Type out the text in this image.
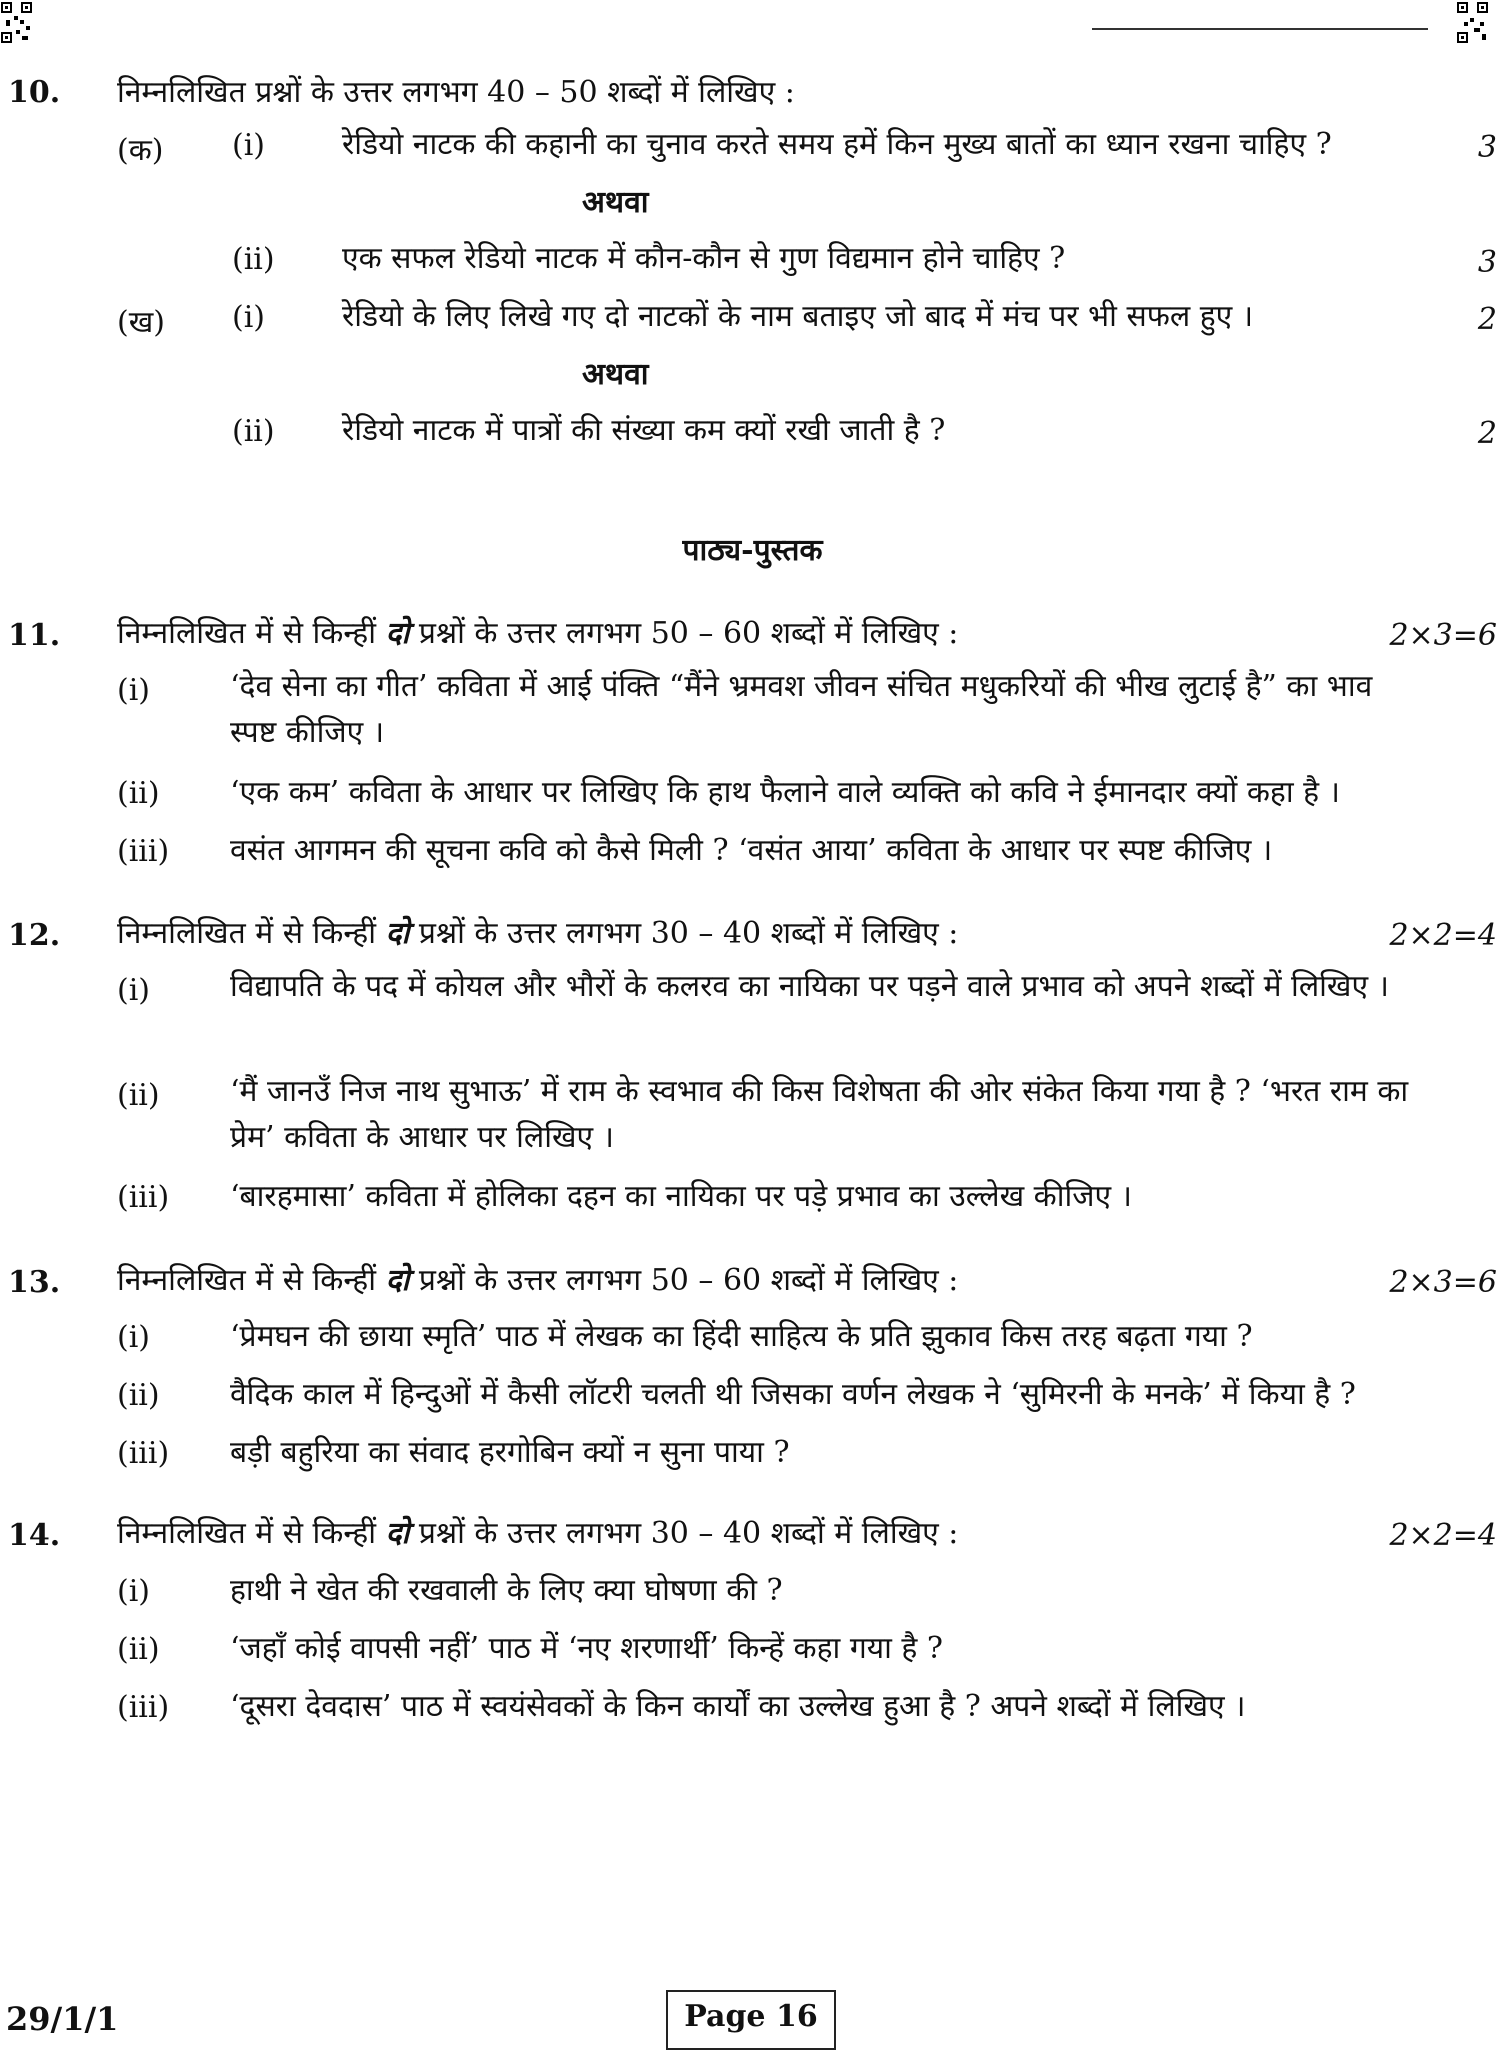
10. निम्नलिखित प्रश्नों के उत्तर लगभग 40 – 50 शब्दों में लिखिए :
(क) (i)	रेडियो नाटक की कहानी का चुनाव करते समय हमें किन मुख्य बातों का ध्यान रखना चाहिए ?	3
अथवा
(ii) एक सफल रेडियो नाटक में कौन-कौन से गुण विद्यमान होने चाहिए ?	3
(ख) (i)	रेडियो के लिए लिखे गए दो नाटकों के नाम बताइए जो बाद में मंच पर भी सफल हुए ।	2
अथवा
(ii) रेडियो नाटक में पात्रों की संख्या कम क्यों रखी जाती है ?	2
पाठ्य-पुस्तक
11. निम्नलिखित में से किन्हीं दो प्रश्नों के उत्तर लगभग 50 – 60 शब्दों में लिखिए :	2×3=6
(i)	‘देव सेना का गीत’ कविता में आई पंक्ति “मैंने भ्रमवश जीवन संचित मधुकरियों की भीख लुटाई है” का भाव स्पष्ट कीजिए ।
(ii) ‘एक कम’ कविता के आधार पर लिखिए कि हाथ फैलाने वाले व्यक्ति को कवि ने ईमानदार क्यों कहा है ।
(iii) वसंत आगमन की सूचना कवि को कैसे मिली ? ‘वसंत आया’ कविता के आधार पर स्पष्ट कीजिए ।
12. निम्नलिखित में से किन्हीं दो प्रश्नों के उत्तर लगभग 30 – 40 शब्दों में लिखिए :	2×2=4
(i)	विद्यापति के पद में कोयल और भौरों के कलरव का नायिका पर पड़ने वाले प्रभाव को अपने शब्दों में लिखिए ।
(ii) ‘मैं जानउँ निज नाथ सुभाऊ’ में राम के स्वभाव की किस विशेषता की ओर संकेत किया गया है ? ‘भरत राम का प्रेम’ कविता के आधार पर लिखिए ।
(iii) ‘बारहमासा’ कविता में होलिका दहन का नायिका पर पड़े प्रभाव का उल्लेख कीजिए ।
13. निम्नलिखित में से किन्हीं दो प्रश्नों के उत्तर लगभग 50 – 60 शब्दों में लिखिए :	2×3=6
(i)	‘प्रेमघन की छाया स्मृति’ पाठ में लेखक का हिंदी साहित्य के प्रति झुकाव किस तरह बढ़ता गया ?
(ii) वैदिक काल में हिन्दुओं में कैसी लॉटरी चलती थी जिसका वर्णन लेखक ने ‘सुमिरनी के मनके’ में किया है ?
(iii) बड़ी बहुरिया का संवाद हरगोबिन क्यों न सुना पाया ?
14. निम्नलिखित में से किन्हीं दो प्रश्नों के उत्तर लगभग 30 – 40 शब्दों में लिखिए :	2×2=4
(i)	हाथी ने खेत की रखवाली के लिए क्या घोषणा की ?
(ii) ‘जहाँ कोई वापसी नहीं’ पाठ में ‘नए शरणार्थी’ किन्हें कहा गया है ?
(iii) ‘दूसरा देवदास’ पाठ में स्वयंसेवकों के किन कार्यों का उल्लेख हुआ है ? अपने शब्दों में लिखिए ।
29/1/1	Page 16
